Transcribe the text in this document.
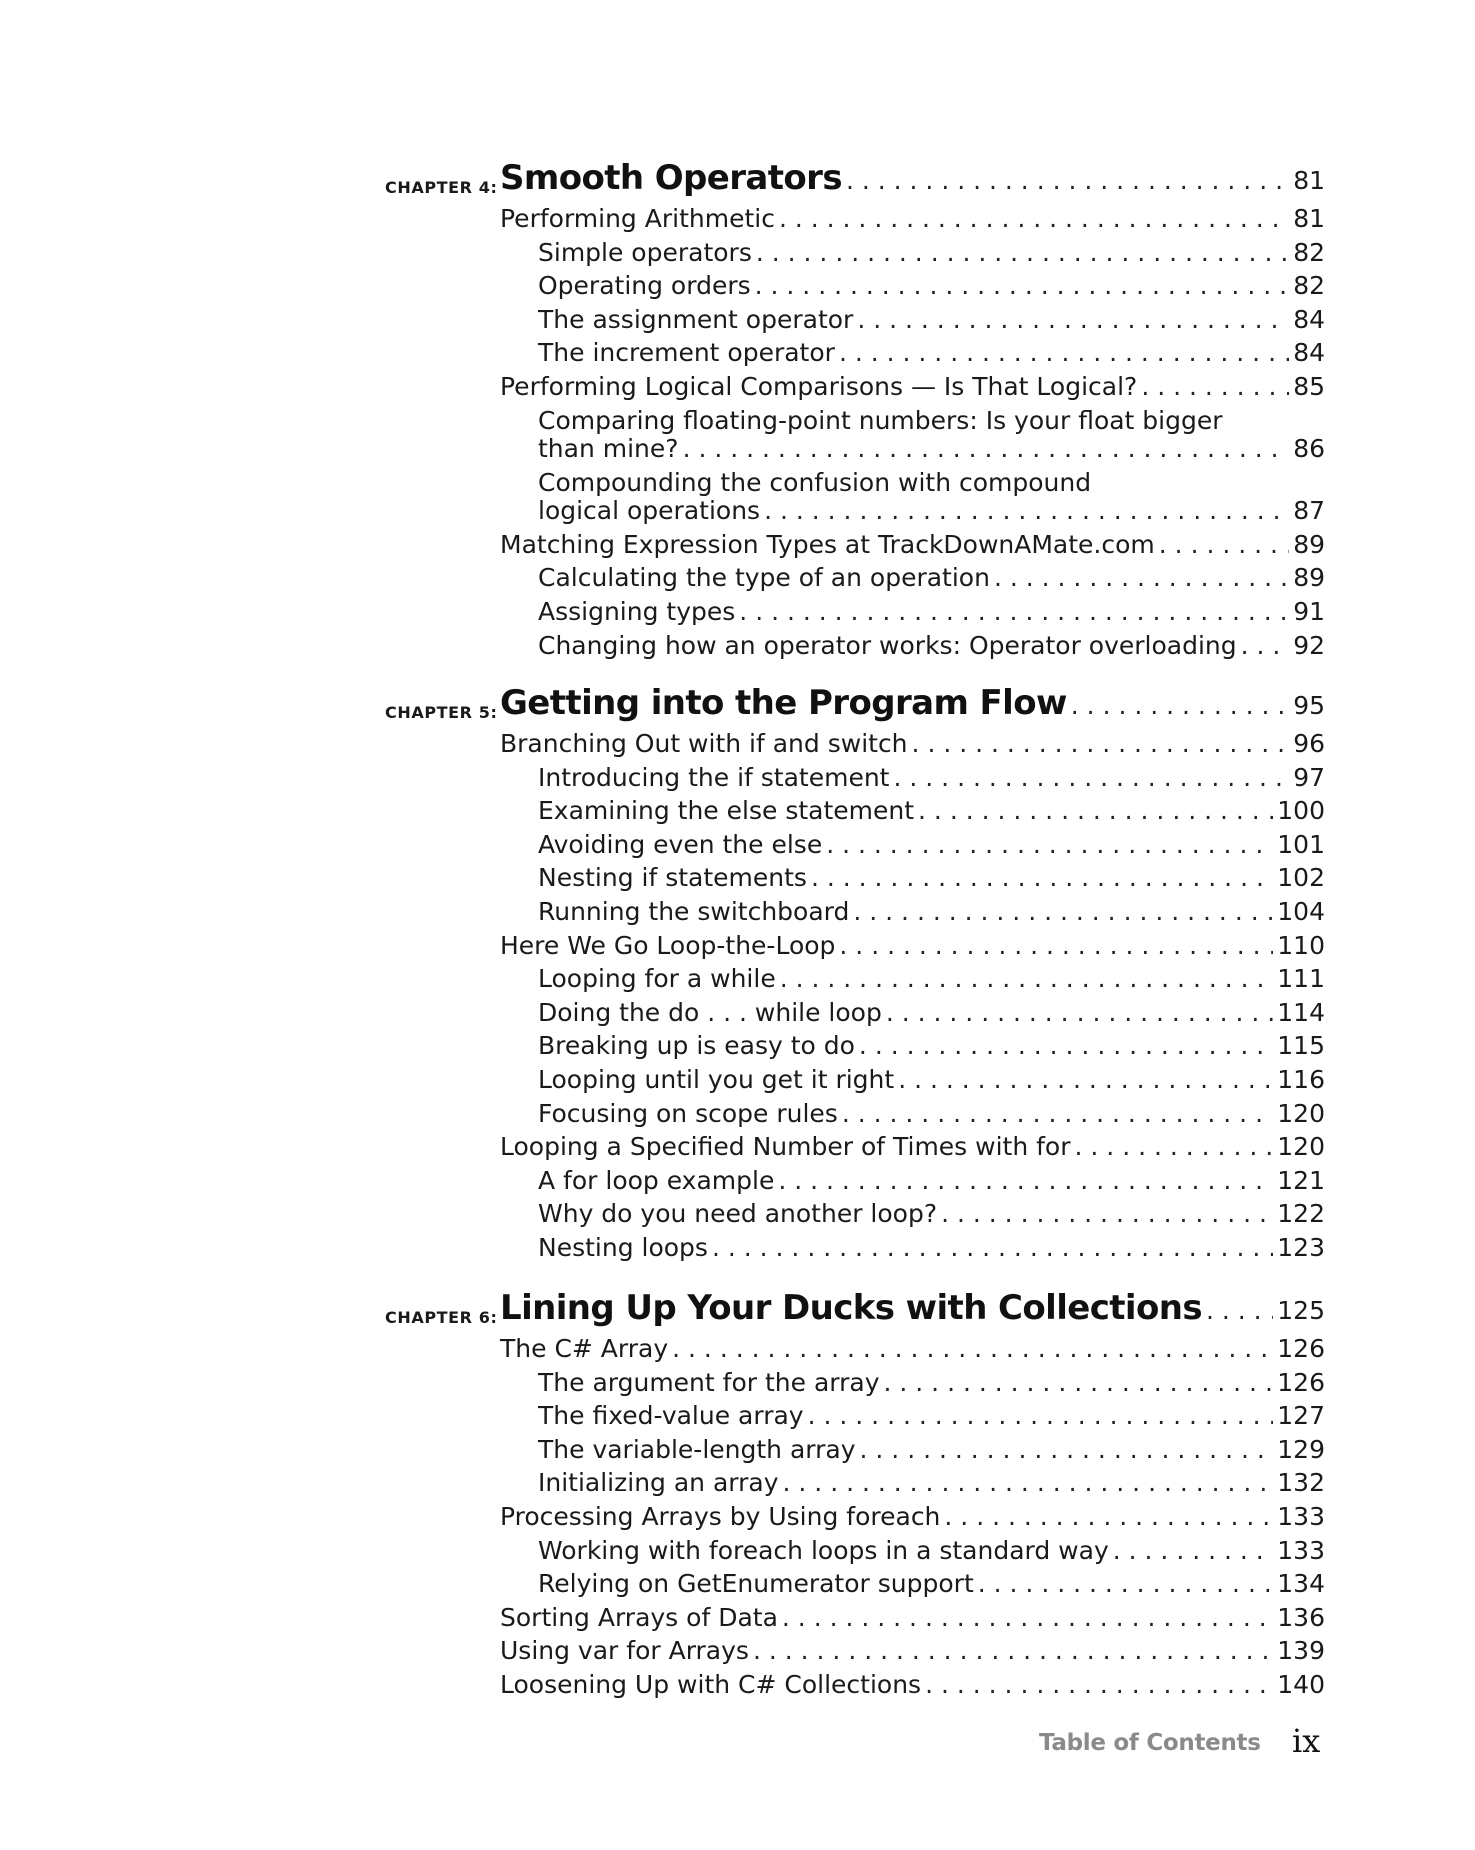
CHAPTER 4: Smooth Operators . . .	81
Performing Arithmetic . . .	81
Simple operators . . .	82
Operating orders . . .	82
The assignment operator . . .	84
The increment operator . . .	84
Performing Logical Comparisons — Is That Logical? . . .	85
Comparing floating-point numbers: Is your float bigger
than mine? . . .	86
Compounding the confusion with compound
logical operations . . .	87
Matching Expression Types at TrackDownAMate.com . . .	89
Calculating the type of an operation . . .	89
Assigning types . . .	91
Changing how an operator works: Operator overloading . . . 92
CHAPTER 5: Getting into the Program Flow . . .	95
Branching Out with if and switch . . .	96
Introducing the if statement . . .	97
Examining the else statement . . .	100
Avoiding even the else . . .	101
Nesting if statements . . .	102
Running the switchboard . . .	104
Here We Go Loop-the-Loop . . .	110
Looping for a while . . .	111
Doing the do . . . while loop . . .	114
Breaking up is easy to do . . .	115
Looping until you get it right . . .	116
Focusing on scope rules . . .	120
Looping a Specified Number of Times with for . . .	120
A for loop example . . .	121
Why do you need another loop? . . .	122
Nesting loops . . .	123
CHAPTER 6: Lining Up Your Ducks with Collections . . .	125
The C# Array . . .	126
The argument for the array . . .	126
The fixed-value array . . .	127
The variable-length array . . .	129
Initializing an array . . .	132
Processing Arrays by Using foreach . . .	133
Working with foreach loops in a standard way . . .	133
Relying on GetEnumerator support . . .	134
Sorting Arrays of Data . . .	136
Using var for Arrays . . .	139
Loosening Up with C# Collections . . .	140
Table of Contents ix
